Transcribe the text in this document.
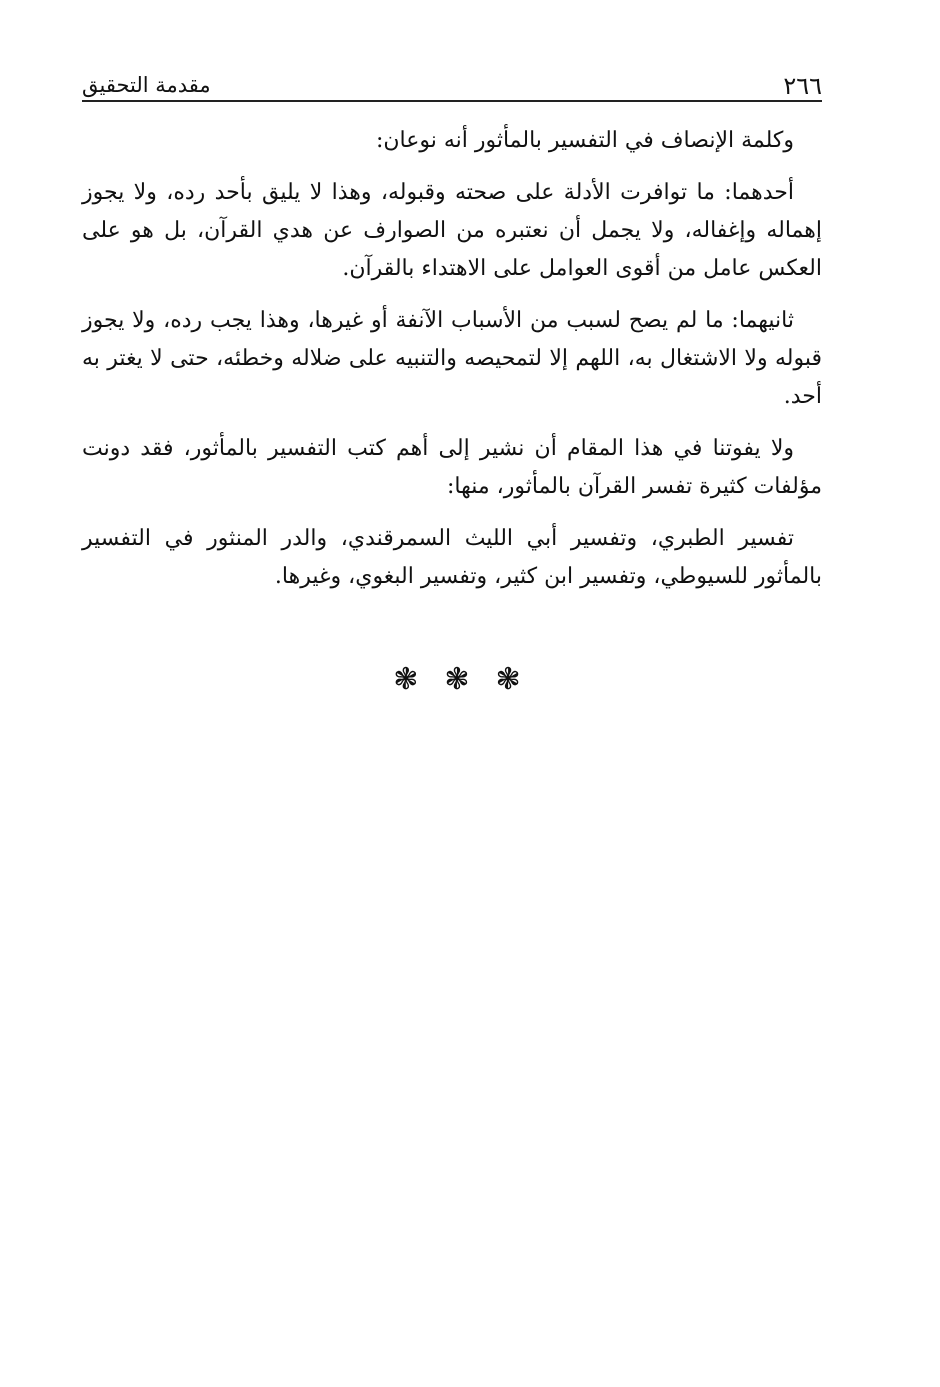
٢٦٦
مقدمة التحقيق

وكلمة الإنصاف في التفسير بالمأثور أنه نوعان:

أحدهما: ما توافرت الأدلة على صحته وقبوله، وهذا لا يليق بأحد رده، ولا يجوز إهماله وإغفاله، ولا يجمل أن نعتبره من الصوارف عن هدي القرآن، بل هو على العكس عامل من أقوى العوامل على الاهتداء بالقرآن.

ثانيهما: ما لم يصح لسبب من الأسباب الآنفة أو غيرها، وهذا يجب رده، ولا يجوز قبوله ولا الاشتغال به، اللهم إلا لتمحيصه والتنبيه على ضلاله وخطئه، حتى لا يغتر به أحد.

ولا يفوتنا في هذا المقام أن نشير إلى أهم كتب التفسير بالمأثور، فقد دونت مؤلفات كثيرة تفسر القرآن بالمأثور، منها:

تفسير الطبري، وتفسير أبي الليث السمرقندي، والدر المنثور في التفسير بالمأثور للسيوطي، وتفسير ابن كثير، وتفسير البغوي، وغيرها.

❃❃❃
